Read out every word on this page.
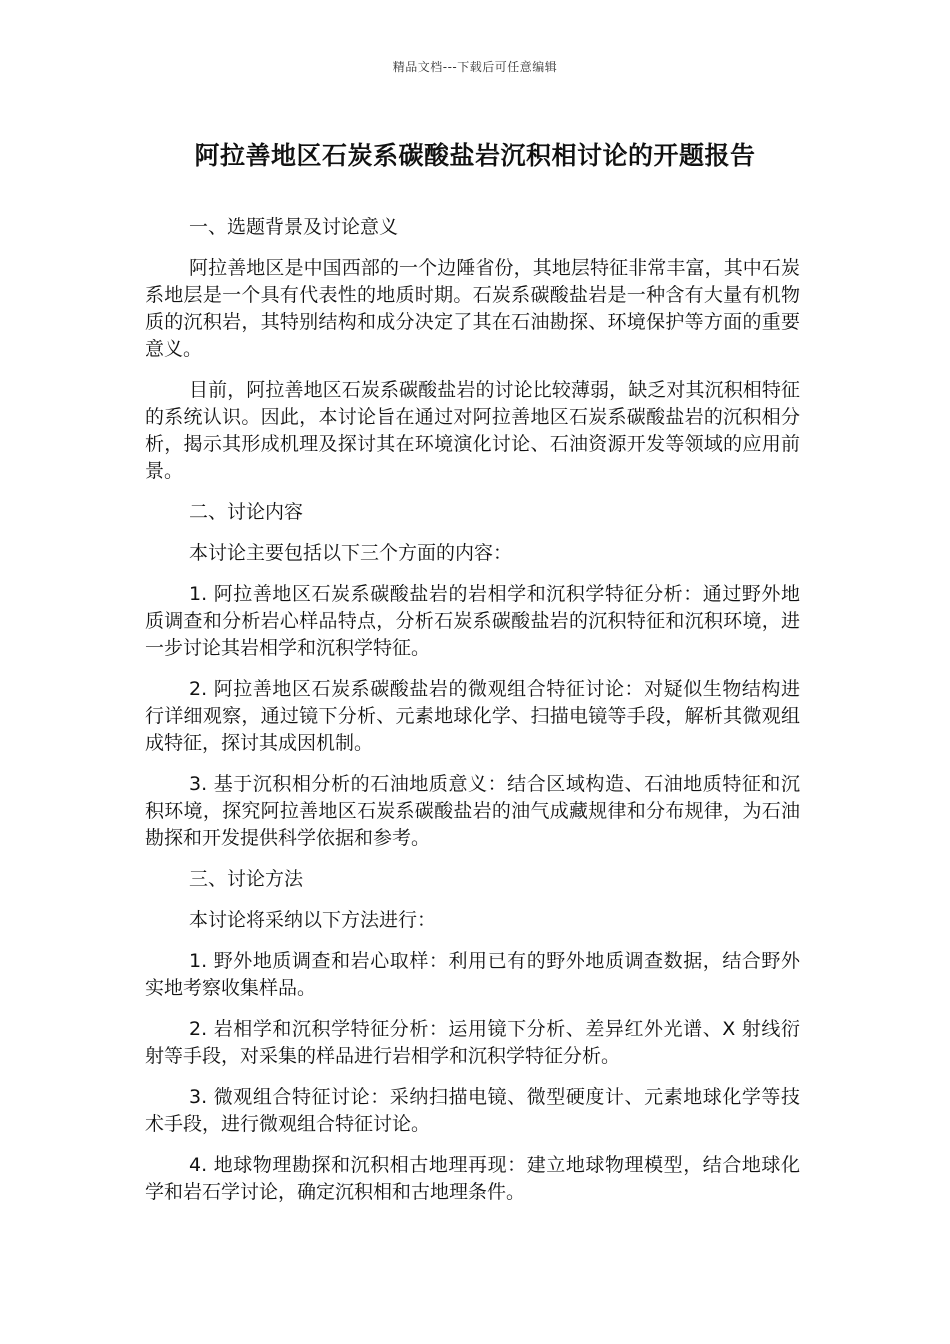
精品文档---下载后可任意编辑
阿拉善地区石炭系碳酸盐岩沉积相讨论的开题报告

一、选题背景及讨论意义

阿拉善地区是中国西部的一个边陲省份，其地层特征非常丰富，其中石炭系地层是一个具有代表性的地质时期。石炭系碳酸盐岩是一种含有大量有机物质的沉积岩，其特别结构和成分决定了其在石油勘探、环境保护等方面的重要意义。

目前，阿拉善地区石炭系碳酸盐岩的讨论比较薄弱，缺乏对其沉积相特征的系统认识。因此，本讨论旨在通过对阿拉善地区石炭系碳酸盐岩的沉积相分析，揭示其形成机理及探讨其在环境演化讨论、石油资源开发等领域的应用前景。

二、讨论内容

本讨论主要包括以下三个方面的内容：

1. 阿拉善地区石炭系碳酸盐岩的岩相学和沉积学特征分析：通过野外地质调查和分析岩心样品特点，分析石炭系碳酸盐岩的沉积特征和沉积环境，进一步讨论其岩相学和沉积学特征。

2. 阿拉善地区石炭系碳酸盐岩的微观组合特征讨论：对疑似生物结构进行详细观察，通过镜下分析、元素地球化学、扫描电镜等手段，解析其微观组成特征，探讨其成因机制。

3. 基于沉积相分析的石油地质意义：结合区域构造、石油地质特征和沉积环境，探究阿拉善地区石炭系碳酸盐岩的油气成藏规律和分布规律，为石油勘探和开发提供科学依据和参考。

三、讨论方法

本讨论将采纳以下方法进行：

1. 野外地质调查和岩心取样：利用已有的野外地质调查数据，结合野外实地考察收集样品。

2. 岩相学和沉积学特征分析：运用镜下分析、差异红外光谱、X 射线衍射等手段，对采集的样品进行岩相学和沉积学特征分析。

3. 微观组合特征讨论：采纳扫描电镜、微型硬度计、元素地球化学等技术手段，进行微观组合特征讨论。

4. 地球物理勘探和沉积相古地理再现：建立地球物理模型，结合地球化学和岩石学讨论，确定沉积相和古地理条件。
